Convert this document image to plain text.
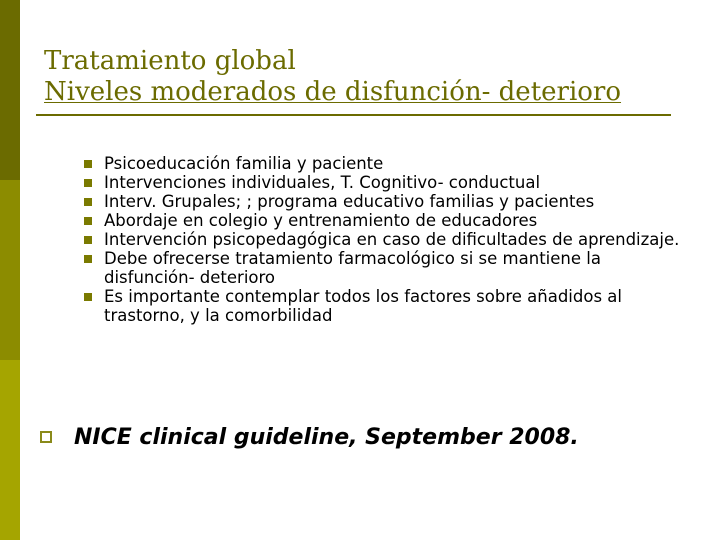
Tratamiento global
Niveles moderados de disfunción- deterioro
Psicoeducación familia y paciente
Intervenciones individuales, T. Cognitivo- conductual
Interv. Grupales; ; programa educativo familias y pacientes
Abordaje en colegio y entrenamiento de educadores
Intervención psicopedagógica en caso de dificultades de aprendizaje.
Debe ofrecerse tratamiento farmacológico si se mantiene la disfunción- deterioro
Es importante contemplar todos los factores sobre añadidos al trastorno, y la comorbilidad
NICE clinical guideline, September 2008.
